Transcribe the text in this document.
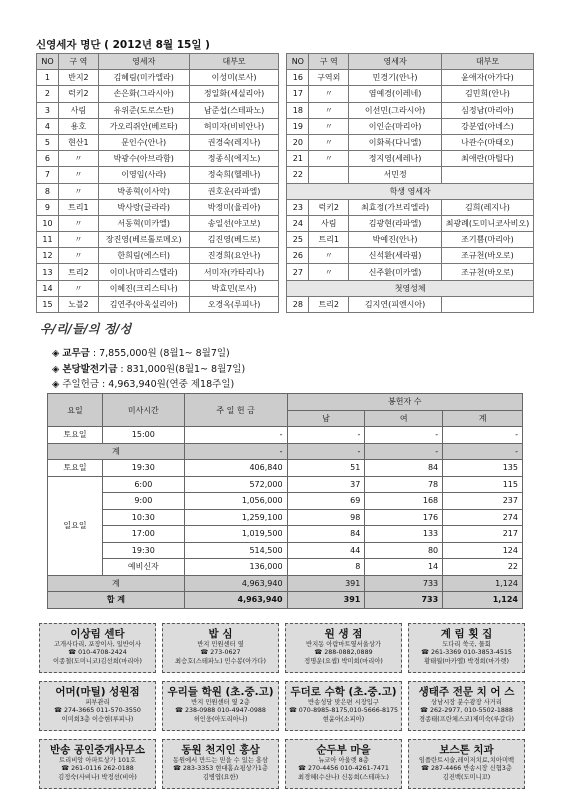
신영세자 명단 ( 2012년 8월 15일 )
NO	구 역	영세자	대부모		NO	구 역	영세자	대부모
1	반지2	김혜림(미카엘라)	이성미(로사)		16	구역외	민경기(안나)	윤애자(아가다)
2	럭키2	손은화(그라시아)	정일화(세실리아)		17	〃	염예경(이레네)	김민희(안나)
3	사림	유위준(도로스탄)	남준섭(스테파노)		18	〃	이선민(그라시아)	심정남(마리아)
4	용호	가오리쥐안(베르타)	허미자(비비안나)		19	〃	이인순(마리아)	강분엽(아녜스)
5	현산1	문인수(안나)	권경숙(레지나)		20	〃	이화록(다니엘)	나관수(마태오)
6	〃	박광수(아브라함)	정종식(에지노)		21	〃	정지영(세레나)	최애란(마틸다)
7	〃	이영임(사라)	정숙희(헬레나)		22		서민정	
8	〃	박종혁(이사악)	권호운(라파엘)		학생 영세자			
9	트리1	박사랑(글라라)	박정미(율리아)		23	럭키2	최효정(가브리엘라)	김희(레지나)
10	〃	서동혁(미카엘)	송일선(야고보)		24	사림	김광현(라파엘)	최광례(도미니코사비오)
11	〃	장진영(베르톨로메오)	김진영(베드로)		25	트리1	박예진(안나)	조기쁨(마리아)
12	〃	한희림(에스터)	진경희(요안나)		26	〃	신석환(세라핌)	조규천(바오로)
13	트리2	이미나(마리스텔라)	서미자(카타리나)		27	〃	신주환(미카엘)	조규천(바오로)
14	〃	이혜진(크리스티나)	박효민(로사)		첫영성체			
15	노블2	김연주(아욱실리아)	오경옥(루피나)		28	트리2	김지연(피엔시아)	
우/리/들/의 정/성
◈ 교무금 : 7,855,000원 (8월1~ 8월7일)
◈ 본당발전기금 : 831,000원(8월1~ 8월7일)
◈ 주일헌금 : 4,963,940원(연중 제18주일)
요일	미사시간	주 일 헌 금	봉헌자 수		
			남	여	계
토요일	15:00	-	-	-	-
계		-	-	-	-
토요일	19:30	406,840	51	84	135
일요일	6:00	572,000	37	78	115
	9:00	1,056,000	69	168	237
	10:30	1,259,100	98	176	274
	17:00	1,019,500	84	133	217
	19:30	514,500	44	80	124
	예비신자	136,000	8	14	22
계		4,963,940	391	733	1,124
합 계		4,963,940	391	733	1,124
이상림 센타
고개사다리, 포장이사, 일반이사
☎ 010-4708-2424
이종철(도미니코)김선희(마리아)
밥 심
반지 민원센터 옆
☎ 273-0627
최승호(스테파노) 민수봉(아가다)
원 생 점
반지동 아람마트옆서울상가
☎ 288-0882,0889
정명운(요셉) 박미희(마리아)
계 림 횟 집
도다리 쑥국, 물회
☎ 261-3369 010-3853-4515
황태월(마카엘) 박경희(마가렛)
어머(마틸) 성원점
피부관리
☎ 274-3665 011-570-3550
이미희3층 이승현(루피나)
우리들 학원 (초.중.고)
반지 민원센터 옆 2층
☎ 238-0988 010-4947-0988
허인웅(아도리아나)
두더로 수학 (초.중.고)
반송성당 맞은편 시장입구
☎ 070-8985-8175,010-5666-8175
현윤아(소피아)
생태주 전문 치 어 스
상남시장 분수광장 사거리
☎ 262-2977, 010-5502-1888
경종태(프란체스코)제미숙(루갈다)
반송 공인중개사무소
트리비앙 아파트상가 101호
☎ 261-0116 262-0188
김정숙(사비나) 박정선(비아)
동원 천지인 홍삼
동원에서 만드는 믿을 수 있는 홍삼
☎ 283-3353 현대홈쇼핑상가1층
김병엽(요한)
순두부 마을
뉴코아 아울렛 8층
☎ 270-4456 010-4261-7471
최경혜(수산나) 신동희(스테파노)
보스톤 치과
임플란트시술,레이저치료,치아미백
☎ 287-4466 반송시장 신협3층
김진백(도미니꼬)
